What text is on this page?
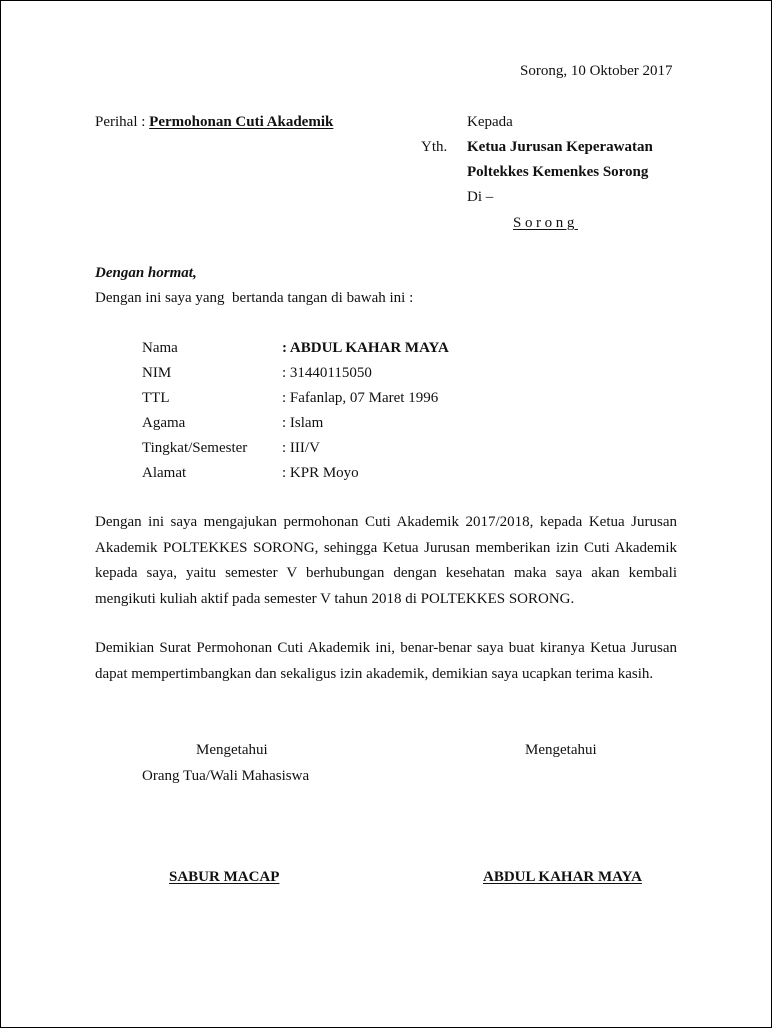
Sorong, 10 Oktober 2017
Perihal : Permohonan Cuti Akademik	Kepada
Yth. Ketua Jurusan Keperawatan
Poltekkes Kemenkes Sorong
Di –
Sorong
Dengan hormat,
Dengan ini saya yang  bertanda tangan di bawah ini :
Nama	: ABDUL KAHAR MAYA
NIM	: 31440115050
TTL	: Fafanlap, 07 Maret 1996
Agama	: Islam
Tingkat/Semester : III/V
Alamat	: KPR Moyo
Dengan ini saya mengajukan permohonan Cuti Akademik 2017/2018, kepada Ketua Jurusan Akademik POLTEKKES SORONG, sehingga Ketua Jurusan memberikan izin Cuti Akademik kepada saya, yaitu semester V berhubungan dengan kesehatan maka saya akan kembali mengikuti kuliah aktif pada semester V tahun 2018 di POLTEKKES SORONG.
Demikian Surat Permohonan Cuti Akademik ini, benar-benar saya buat kiranya Ketua Jurusan dapat mempertimbangkan dan sekaligus izin akademik, demikian saya ucapkan terima kasih.
Mengetahui
Orang Tua/Wali Mahasiswa
SABUR MACAP
Mengetahui
ABDUL KAHAR MAYA
